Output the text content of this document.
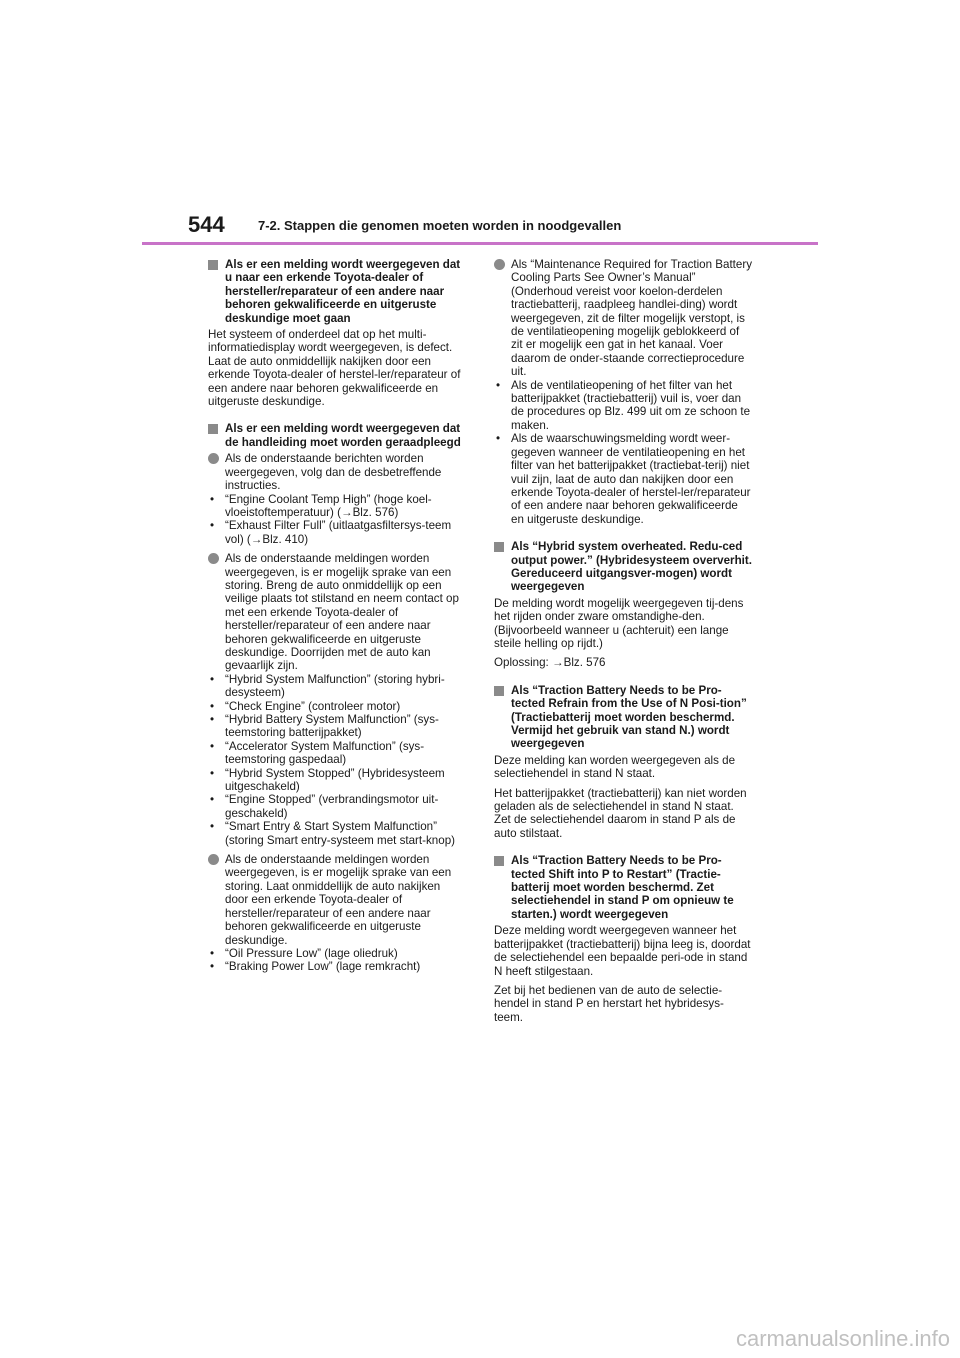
544	7-2. Stappen die genomen moeten worden in noodgevallen
Als er een melding wordt weergegeven dat u naar een erkende Toyota-dealer of hersteller/reparateur of een andere naar behoren gekwalificeerde en uitgeruste deskundige moet gaan

Het systeem of onderdeel dat op het multi-informatiedisplay wordt weergegeven, is defect. Laat de auto onmiddellijk nakijken door een erkende Toyota-dealer of herstel-ler/reparateur of een andere naar behoren gekwalificeerde en uitgeruste deskundige.

Als er een melding wordt weergegeven dat de handleiding moet worden geraadpleegd

Als de onderstaande berichten worden weergegeven, volg dan de desbetreffende instructies.

• “Engine Coolant Temp High” (hoge koel-vloeistoftemperatuur) (→Blz. 576)
• “Exhaust Filter Full” (uitlaatgasfiltersys-teem vol) (→Blz. 410)

Als de onderstaande meldingen worden weergegeven, is er mogelijk sprake van een storing. Breng de auto onmiddellijk op een veilige plaats tot stilstand en neem contact op met een erkende Toyota-dealer of hersteller/reparateur of een andere naar behoren gekwalificeerde en uitgeruste deskundige. Doorrijden met de auto kan gevaarlijk zijn.

• “Hybrid System Malfunction” (storing hybri-desysteem)
• “Check Engine” (controleer motor)
• “Hybrid Battery System Malfunction” (sys-teemstoring batterijpakket)
• “Accelerator System Malfunction” (sys-teemstoring gaspedaal)
• “Hybrid System Stopped” (Hybridesysteem uitgeschakeld)
• “Engine Stopped” (verbrandingsmotor uit-geschakeld)
• “Smart Entry & Start System Malfunction” (storing Smart entry-systeem met start-knop)

Als de onderstaande meldingen worden weergegeven, is er mogelijk sprake van een storing. Laat onmiddellijk de auto nakijken door een erkende Toyota-dealer of hersteller/reparateur of een andere naar behoren gekwalificeerde en uitgeruste deskundige.

• “Oil Pressure Low” (lage oliedruk)
• “Braking Power Low” (lage remkracht)

Als “Maintenance Required for Traction Battery Cooling Parts See Owner’s Manual” (Onderhoud vereist voor koelon-derdelen tractiebatterij, raadpleeg handlei-ding) wordt weergegeven, zit de filter mogelijk verstopt, is de ventilatieopening mogelijk geblokkeerd of zit er mogelijk een gat in het kanaal. Voer daarom de onder-staande correctieprocedure uit.

• Als de ventilatieopening of het filter van het batterijpakket (tractiebatterij) vuil is, voer dan de procedures op Blz. 499 uit om ze schoon te maken.
• Als de waarschuwingsmelding wordt weer-gegeven wanneer de ventilatieopening en het filter van het batterijpakket (tractiebat-terij) niet vuil zijn, laat de auto dan nakijken door een erkende Toyota-dealer of herstel-ler/reparateur of een andere naar behoren gekwalificeerde en uitgeruste deskundige.
Als “Hybrid system overheated. Redu-ced output power.” (Hybridesysteem oververhit. Gereduceerd uitgangsver-mogen) wordt weergegeven

De melding wordt mogelijk weergegeven tij-dens het rijden onder zware omstandighe-den. (Bijvoorbeeld wanneer u (achteruit) een lange steile helling op rijdt.)

Oplossing: →Blz. 576

Als “Traction Battery Needs to be Pro-tected Refrain from the Use of N Posi-tion” (Tractiebatterij moet worden beschermd. Vermijd het gebruik van stand N.) wordt weergegeven

Deze melding kan worden weergegeven als de selectiehendel in stand N staat.

Het batterijpakket (tractiebatterij) kan niet worden geladen als de selectiehendel in stand N staat. Zet de selectiehendel daarom in stand P als de auto stilstaat.

Als “Traction Battery Needs to be Pro-tected Shift into P to Restart” (Tractie-batterij moet worden beschermd. Zet selectiehendel in stand P om opnieuw te starten.) wordt weergegeven

Deze melding wordt weergegeven wanneer het batterijpakket (tractiebatterij) bijna leeg is, doordat de selectiehendel een bepaalde peri-ode in stand N heeft stilgestaan.

Zet bij het bedienen van de auto de selectie-hendel in stand P en herstart het hybridesys-teem.

carmanualsonline.info
